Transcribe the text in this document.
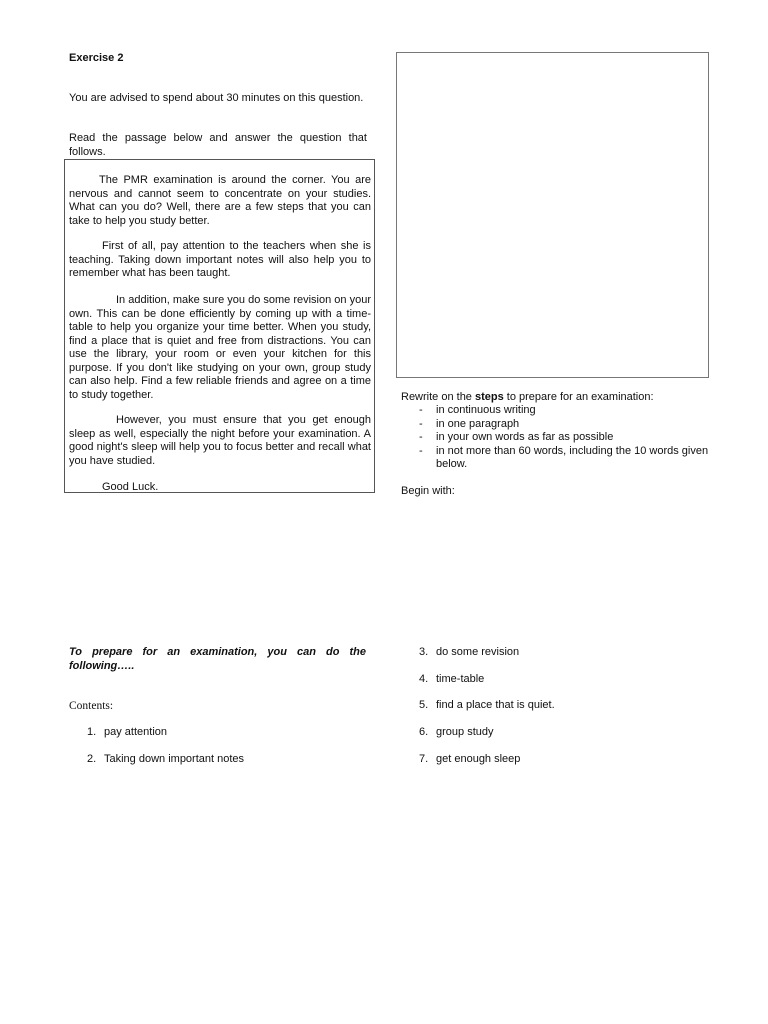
Exercise 2
You are advised to spend about 30 minutes on this question.
Read the passage below and answer the question that follows.
The PMR examination is around the corner. You are nervous and cannot seem to concentrate on your studies. What can you do? Well, there are a few steps that you can take to help you study better.
First of all, pay attention to the teachers when she is teaching. Taking down important notes will also help you to remember what has been taught.
In addition, make sure you do some revision on your own. This can be done efficiently by coming up with a time-table to help you organize your time better. When you study, find a place that is quiet and free from distractions. You can use the library, your room or even your kitchen for this purpose. If you don't like studying on your own, group study can also help. Find a few reliable friends and agree on a time to study together.
However, you must ensure that you get enough sleep as well, especially the night before your examination. A good night's sleep will help you to focus better and recall what you have studied.
Good Luck.
Rewrite on the steps to prepare for an examination:
- in continuous writing
- in one paragraph
- in your own words as far as possible
- in not more than 60 words, including the 10 words given below.
Begin with:
To prepare for an examination, you can do the following…..
Contents:
1. pay attention
2. Taking down important notes
3. do some revision
4. time-table
5. find a place that is quiet.
6. group study
7. get enough sleep
